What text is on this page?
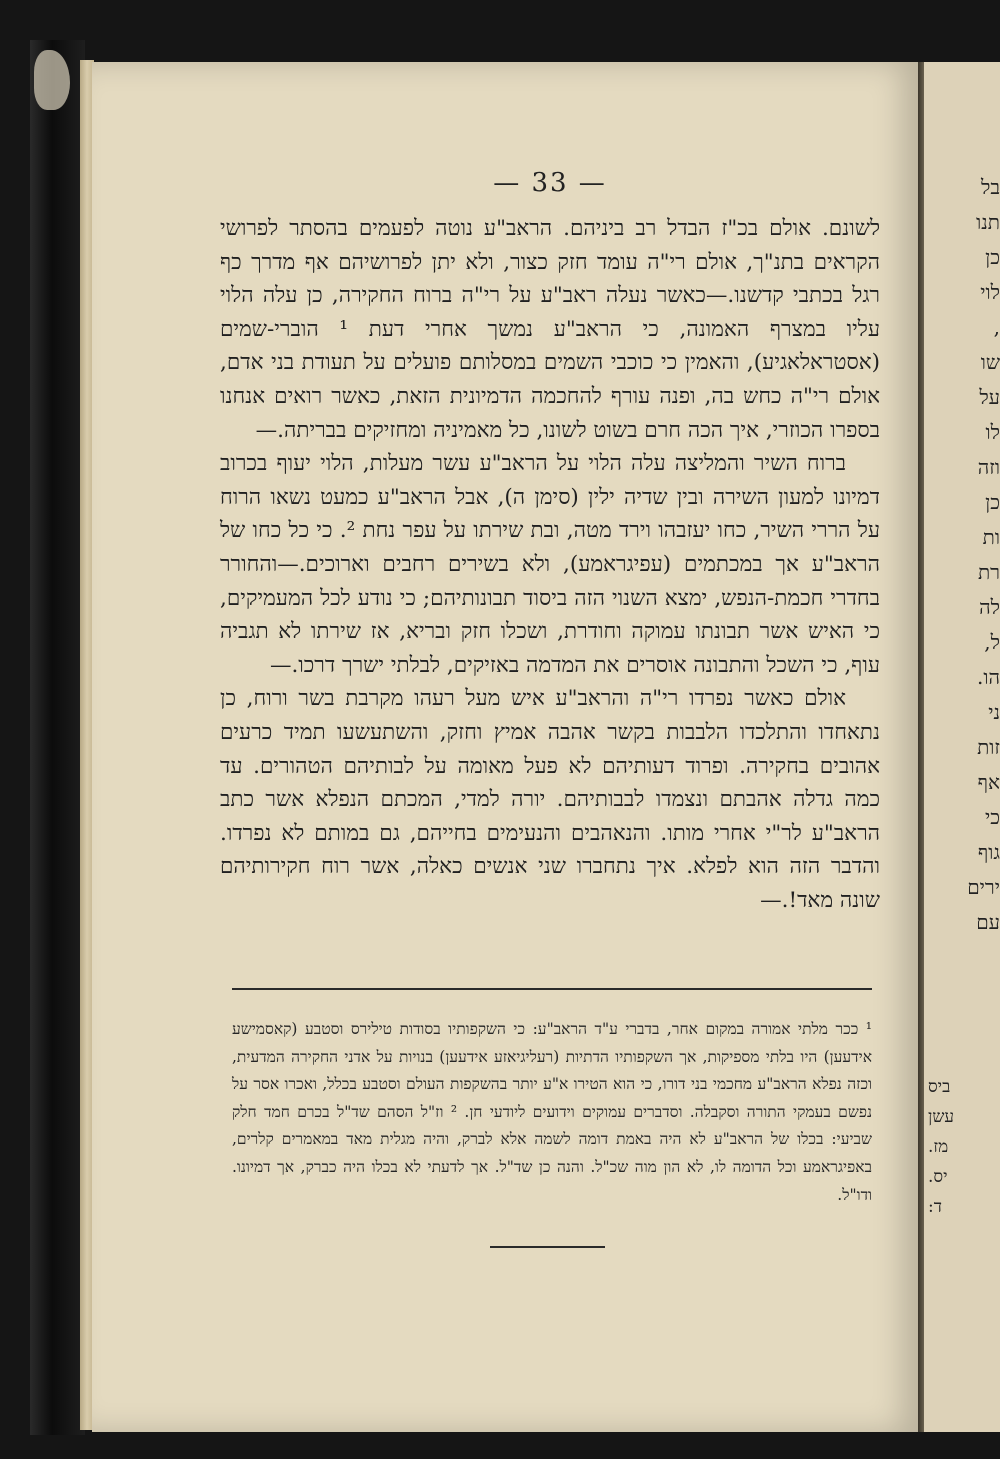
— 33 —

לשונם. אולם בכ"ז הבדל רב ביניהם. הראב"ע נוטה לפעמים בהסתר לפרושי הקראים בתנ"ך, אולם רי"ה עומד חזק כצור, ולא יתן לפרושיהם אף מדרך כף רגל בכתבי קדשנו.—כאשר נעלה ראב"ע על רי"ה ברוח החקירה, כן עלה הלוי עליו במצרף האמונה, כי הראב"ע נמשך אחרי דעת ¹ הוברי-שמים (אסטראלאגיע), והאמין כי כוכבי השמים במסלותם פועלים על תעודת בני אדם, אולם רי"ה כחש בה, ופנה עורף להחכמה הדמיונית הזאת, כאשר רואים אנחנו בספרו הכוזרי, איך הכה חרם בשוט לשונו, כל מאמיניה ומחזיקים בבריתה.—

ברוח השיר והמליצה עלה הלוי על הראב"ע עשר מעלות, הלוי יעוף בכרוב דמיונו למעון השירה ובין שדיה ילין (סימן ה), אבל הראב"ע כמעט נשאו הרוח על הררי השיר, כחו יעזבהו וירד מטה, ובת שירתו על עפר נחת ². כי כל כחו של הראב"ע אך במכתמים (עפיגראמע), ולא בשירים רחבים וארוכים.—והחורר בחדרי חכמת-הנפש, ימצא השנוי הזה ביסוד תבונותיהם; כי נודע לכל המעמיקים, כי האיש אשר תבונתו עמוקה וחודרת, ושכלו חזק ובריא, אז שירתו לא תגביה עוף, כי השכל והתבונה אוסרים את המדמה באזיקים, לבלתי ישרך דרכו.—

אולם כאשר נפרדו רי"ה והראב"ע איש מעל רעהו מקרבת בשר ורוח, כן נתאחדו והתלכדו הלבבות בקשר אהבה אמיץ וחזק, והשתעשעו תמיד כרעים אהובים בחקירה. ופרוד דעותיהם לא פעל מאומה על לבותיהם הטהורים. עד כמה גדלה אהבתם ונצמדו לבבותיהם. יורה למדי, המכתם הנפלא אשר כתב הראב"ע לר"י אחרי מותו. והנאהבים והנעימים בחייהם, גם במותם לא נפרדו. והדבר הזה הוא לפלא. איך נתחברו שני אנשים כאלה, אשר רוח חקירותיהם שונה מאד!.—

¹ ככר מלתי אמורה במקום אחר, בדברי ע"ד הראב"ע: כי השקפותיו בסודות טילירס וסטבע (קאסמישע אידעען) היו בלתי מספיקות, אך השקפותיו הדתיות (רעליגיאזע אידעען) בנויות על אדני החקירה המדעית, וכזה נפלא הראב"ע מחכמי בני דורו, כי הוא הטירו א"ע יותר בהשקפות העולם וסטבע בכלל, ואכרו אסר על נפשם בעמקי התורה וסקבלה. וסדברים עמוקים וידועים ליודעי חן. ² וז"ל הסהם שד"ל בכרם חמד חלק שביעי: בכלו של הראב"ע לא היה באמת דומה לשמה אלא לברק, והיה מגלית מאד במאמרים קלרים, באפיגראמע וכל הדומה לו, לא הון מוה שכ"ל. והנה כן שד"ל. אך לדעתי לא בכלו היה כברק, אך דמיונו. ודו"ל.
בל
תנו
כן
לוי
,
שו
על
לו
וזה
כן
ות
רת
לה
ל,
הו.
ני
זות
אף
כי
גוף
ירים
עם
ביס
עשן
מז.
יס.
ד:
